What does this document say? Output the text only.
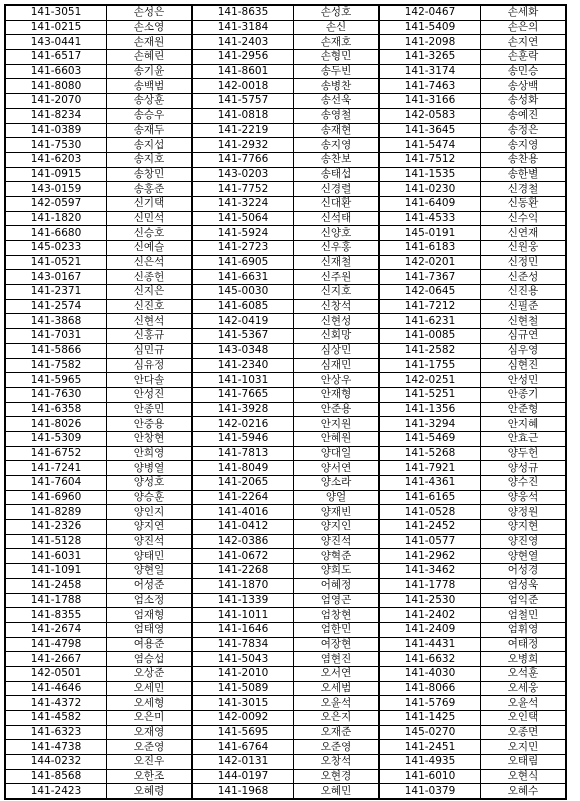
141-3051	손성은	141-8635	손성호	142-0467	손세화
141-0215	손소영	141-3184	손신	141-5409	손은의
143-0441	손재원	141-2403	손재호	141-2098	손지연
141-6517	손혜린	141-2956	손형민	141-3265	손훈락
141-6603	송기윤	141-8601	송두빈	141-3174	송민승
141-8080	송백범	142-0018	송병찬	141-7463	송상백
141-2070	송상훈	141-5757	송선욱	141-3166	송성화
141-8234	송승우	141-0818	송영철	142-0583	송예진
141-0389	송재두	141-2219	송재현	141-3645	송정은
141-7530	송지섭	141-2932	송지영	141-5474	송지영
141-6203	송지호	141-7766	송찬보	141-7512	송찬용
141-0915	송창민	143-0203	송태섭	141-1535	송한별
143-0159	송홍준	141-7752	신경렬	141-0230	신경철
142-0597	신기택	141-3224	신대환	141-6409	신동환
141-1820	신민석	141-5064	신석태	141-4533	신수익
141-6680	신승호	141-5924	신양호	145-0191	신연재
145-0233	신예슬	141-2723	신우홍	141-6183	신원웅
141-0521	신은석	141-6905	신재철	142-0201	신정민
143-0167	신종헌	141-6631	신주원	141-7367	신준성
141-2371	신지은	145-0030	신지호	142-0645	신진용
141-2574	신진호	141-6085	신창석	141-7212	신필준
141-3868	신현석	142-0419	신현성	141-6231	신현철
141-7031	신홍규	141-5367	신회망	141-0085	심규연
141-5866	심민규	143-0348	심상민	141-2582	심우영
141-7582	심유정	141-2340	심재민	141-1755	심현진
141-5965	안다솔	141-1031	안상우	142-0251	안성민
141-7630	안성진	141-7665	안재형	141-5251	안종기
141-6358	안종민	141-3928	안준용	141-1356	안준형
141-8026	안중용	142-0216	안지원	141-3294	안지혜
141-5309	안창현	141-5946	안혜원	141-5469	안효근
141-6752	안희영	141-7813	양대일	141-5268	양두헌
141-7241	양병열	141-8049	양서연	141-7921	양성규
141-7604	양성호	141-2065	양소라	141-4361	양수진
141-6960	양승훈	141-2264	양얼	141-6165	양웅석
141-8289	양인지	141-4016	양재빈	141-0528	양정원
141-2326	양지연	141-0412	양지인	141-2452	양지현
141-5128	양진석	142-0386	양진석	141-0577	양진영
141-6031	양태민	141-0672	양혁준	141-2962	양현열
141-1091	양현일	141-2268	양희도	141-3462	어성경
141-2458	어성준	141-1870	어혜정	141-1778	엄성욱
141-1788	엄소정	141-1339	엄영곤	141-2530	엄익준
141-8355	엄재형	141-1011	엄창현	141-2402	엄철민
141-2674	엄태영	141-1646	엄한민	141-2409	엄휘영
141-4798	여용준	141-7834	여장현	141-4431	여태정
141-2667	염승섭	141-5043	염현진	141-6632	오병희
142-0501	오상준	141-2010	오서연	141-4030	오석훈
141-4646	오세민	141-5089	오세범	141-8066	오세웅
141-4372	오세형	141-3015	오윤석	141-5769	오윤석
141-4582	오은미	142-0092	오은지	141-1425	오인택
141-6323	오재영	141-5695	오재준	145-0270	오종면
141-4738	오준영	141-6764	오준영	141-2451	오지민
144-0232	오진우	142-0131	오창석	141-4935	오태림
141-8568	오한조	144-0197	오현경	141-6010	오현식
141-2423	오혜령	141-1968	오혜민	141-0379	오혜수
